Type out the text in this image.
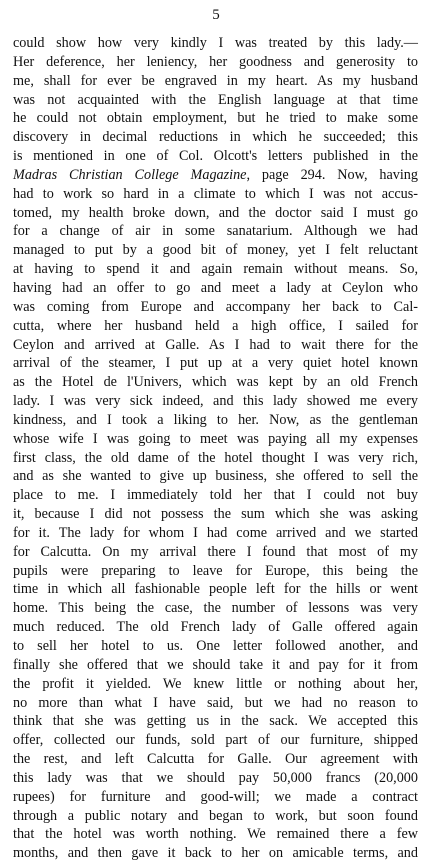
5
could show how very kindly I was treated by this lady.—
Her deference, her leniency, her goodness and generosity to
me, shall for ever be engraved in my heart. As my husband
was not acquainted with the English language at that time
he could not obtain employment, but he tried to make some
discovery in decimal reductions in which he succeeded; this
is mentioned in one of Col. Olcott's letters published in the
Madras Christian College Magazine, page 294. Now, having
had to work so hard in a climate to which I was not accus-
tomed, my health broke down, and the doctor said I must go
for a change of air in some sanatarium. Although we had
managed to put by a good bit of money, yet I felt reluctant
at having to spend it and again remain without means. So,
having had an offer to go and meet a lady at Ceylon who
was coming from Europe and accompany her back to Cal-
cutta, where her husband held a high office, I sailed for
Ceylon and arrived at Galle. As I had to wait there for the
arrival of the steamer, I put up at a very quiet hotel known
as the Hotel de l'Univers, which was kept by an old French
lady. I was very sick indeed, and this lady showed me every
kindness, and I took a liking to her. Now, as the gentleman
whose wife I was going to meet was paying all my expenses
first class, the old dame of the hotel thought I was very rich,
and as she wanted to give up business, she offered to sell the
place to me. I immediately told her that I could not buy
it, because I did not possess the sum which she was asking
for it. The lady for whom I had come arrived and we started
for Calcutta. On my arrival there I found that most of my
pupils were preparing to leave for Europe, this being the
time in which all fashionable people left for the hills or went
home. This being the case, the number of lessons was very
much reduced. The old French lady of Galle offered again
to sell her hotel to us. One letter followed another, and
finally she offered that we should take it and pay for it from
the profit it yielded. We knew little or nothing about her,
no more than what I have said, but we had no reason to
think that she was getting us in the sack. We accepted this
offer, collected our funds, sold part of our furniture, shipped
the rest, and left Calcutta for Galle. Our agreement with
this lady was that we should pay 50,000 francs (20,000
rupees) for furniture and good-will; we made a contract
through a public notary and began to work, but soon found
that the hotel was worth nothing. We remained there a few
months, and then gave it back to her on amicable terms, and
